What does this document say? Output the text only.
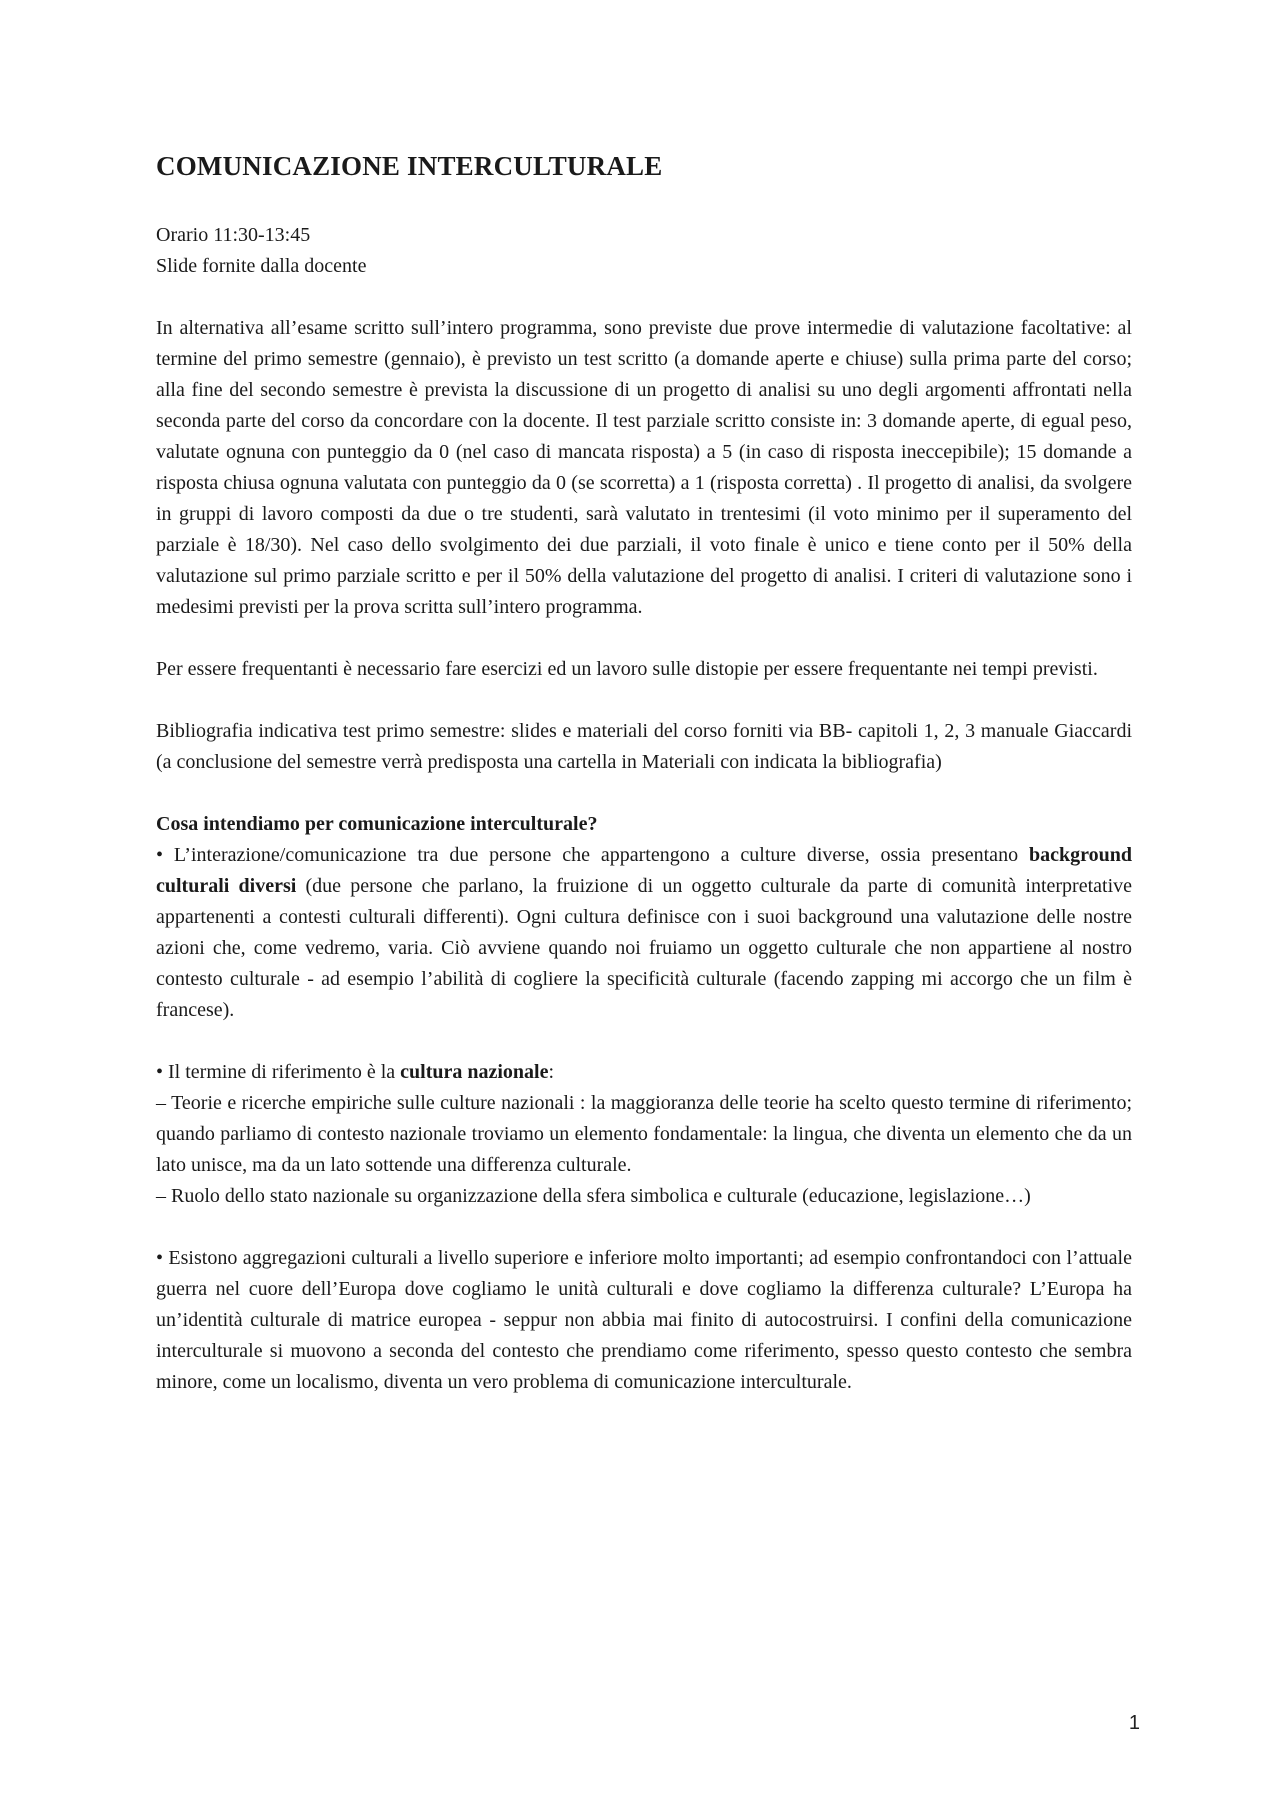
COMUNICAZIONE INTERCULTURALE

Orario 11:30-13:45

Slide fornite dalla docente

In alternativa all’esame scritto sull’intero programma, sono previste due prove intermedie di valutazione facoltative: al termine del primo semestre (gennaio), è previsto un test scritto (a domande aperte e chiuse) sulla prima parte del corso; alla fine del secondo semestre è prevista la discussione di un progetto di analisi su uno degli argomenti affrontati nella seconda parte del corso da concordare con la docente. Il test parziale scritto consiste in: 3 domande aperte, di egual peso, valutate ognuna con punteggio da 0 (nel caso di mancata risposta) a 5 (in caso di risposta ineccepibile); 15 domande a risposta chiusa ognuna valutata con punteggio da 0 (se scorretta) a 1 (risposta corretta) . Il progetto di analisi, da svolgere in gruppi di lavoro composti da due o tre studenti, sarà valutato in trentesimi (il voto minimo per il superamento del parziale è 18/30). Nel caso dello svolgimento dei due parziali, il voto finale è unico e tiene conto per il 50% della valutazione sul primo parziale scritto e per il 50% della valutazione del progetto di analisi. I criteri di valutazione sono i medesimi previsti per la prova scritta sull’intero programma.

Per essere frequentanti è necessario fare esercizi ed un lavoro sulle distopie per essere frequentante nei tempi previsti.

Bibliografia indicativa test primo semestre: slides e materiali del corso forniti via BB- capitoli 1, 2, 3 manuale Giaccardi (a conclusione del semestre verrà predisposta una cartella in Materiali con indicata la bibliografia)

Cosa intendiamo per comunicazione interculturale?

• L’interazione/comunicazione tra due persone che appartengono a culture diverse, ossia presentano background culturali diversi (due persone che parlano, la fruizione di un oggetto culturale da parte di comunità interpretative appartenenti a contesti culturali differenti). Ogni cultura definisce con i suoi background una valutazione delle nostre azioni che, come vedremo, varia. Ciò avviene quando noi fruiamo un oggetto culturale che non appartiene al nostro contesto culturale - ad esempio l’abilità di cogliere la specificità culturale (facendo zapping mi accorgo che un film è francese).

• Il termine di riferimento è la cultura nazionale:

– Teorie e ricerche empiriche sulle culture nazionali : la maggioranza delle teorie ha scelto questo termine di riferimento; quando parliamo di contesto nazionale troviamo un elemento fondamentale: la lingua, che diventa un elemento che da un lato unisce, ma da un lato sottende una differenza culturale.

– Ruolo dello stato nazionale su organizzazione della sfera simbolica e culturale (educazione, legislazione…)

• Esistono aggregazioni culturali a livello superiore e inferiore molto importanti; ad esempio confrontandoci con l’attuale guerra nel cuore dell’Europa dove cogliamo le unità culturali e dove cogliamo la differenza culturale? L’Europa ha un’identità culturale di matrice europea - seppur non abbia mai finito di autocostruirsi. I confini della comunicazione interculturale si muovono a seconda del contesto che prendiamo come riferimento, spesso questo contesto che sembra minore, come un localismo, diventa un vero problema di comunicazione interculturale.

1
